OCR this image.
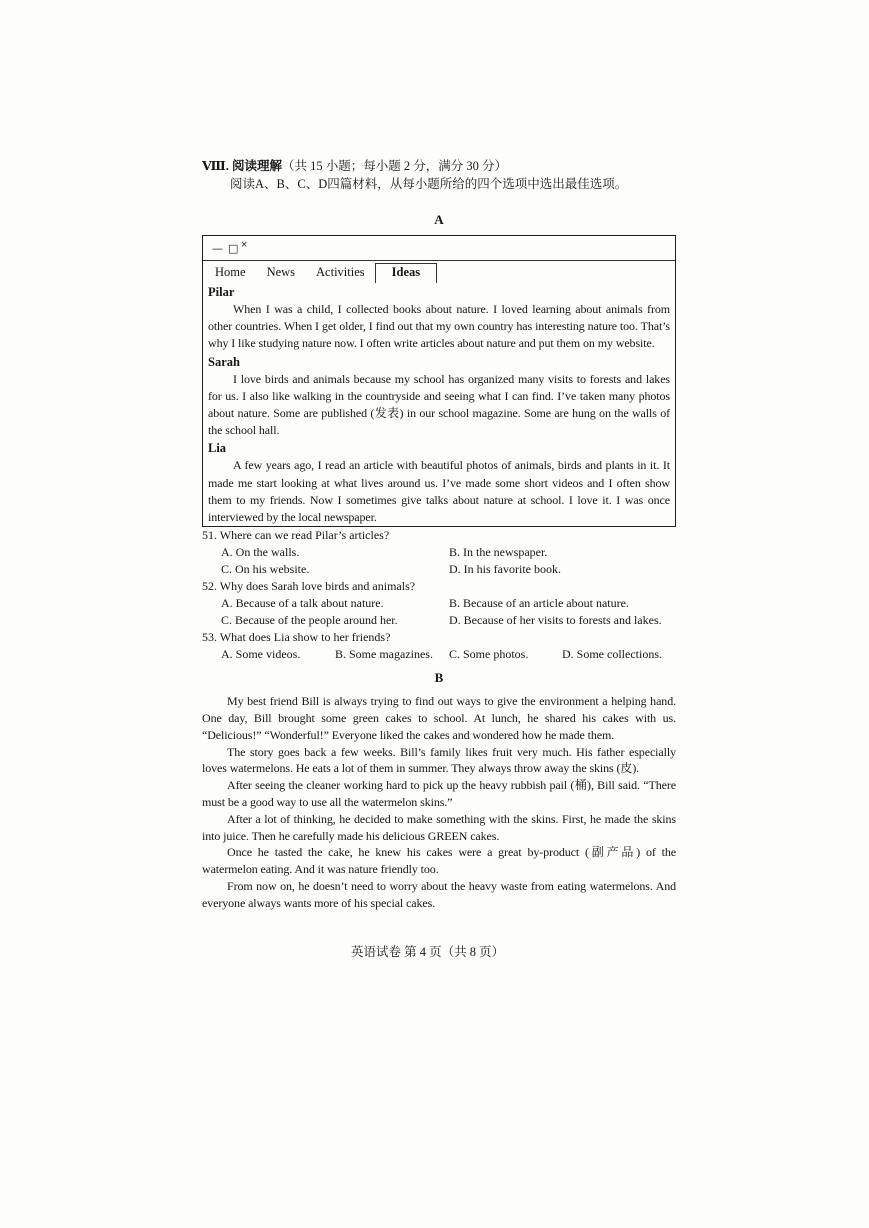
Ⅷ. 阅读理解（共 15 小题；每小题 2 分，满分 30 分）
阅读A、B、C、D四篇材料，从每小题所给的四个选项中选出最佳选项。
A
— □ ×
Home News Activities	Ideas
Pilar
When I was a child, I collected books about nature. I loved learning about animals from other countries. When I get older, I find out that my own country has interesting nature too. That’s why I like studying nature now. I often write articles about nature and put them on my website.
Sarah
I love birds and animals because my school has organized many visits to forests and lakes for us. I also like walking in the countryside and seeing what I can find. I’ve taken many photos about nature. Some are published (发表) in our school magazine. Some are hung on the walls of the school hall.
Lia
A few years ago, I read an article with beautiful photos of animals, birds and plants in it. It made me start looking at what lives around us. I’ve made some short videos and I often show them to my friends. Now I sometimes give talks about nature at school. I love it. I was once interviewed by the local newspaper.
51. Where can we read Pilar’s articles?
A. On the walls.	B. In the newspaper.
C. On his website.	D. In his favorite book.
52. Why does Sarah love birds and animals?
A. Because of a talk about nature.	B. Because of an article about nature.
C. Because of the people around her.	D. Because of her visits to forests and lakes.
53. What does Lia show to her friends?
A. Some videos.	B. Some magazines.	C. Some photos.	D. Some collections.
B

My best friend Bill is always trying to find out ways to give the environment a helping hand. One day, Bill brought some green cakes to school. At lunch, he shared his cakes with us. “Delicious!” “Wonderful!” Everyone liked the cakes and wondered how he made them.

The story goes back a few weeks. Bill’s family likes fruit very much. His father especially loves watermelons. He eats a lot of them in summer. They always throw away the skins (皮).

After seeing the cleaner working hard to pick up the heavy rubbish pail (桶), Bill said. “There must be a good way to use all the watermelon skins.”

After a lot of thinking, he decided to make something with the skins. First, he made the skins into juice. Then he carefully made his delicious GREEN cakes.

Once he tasted the cake, he knew his cakes were a great by-product (副产品) of the watermelon eating. And it was nature friendly too.

From now on, he doesn’t need to worry about the heavy waste from eating watermelons. And everyone always wants more of his special cakes.

英语试卷 第 4 页（共 8 页）
